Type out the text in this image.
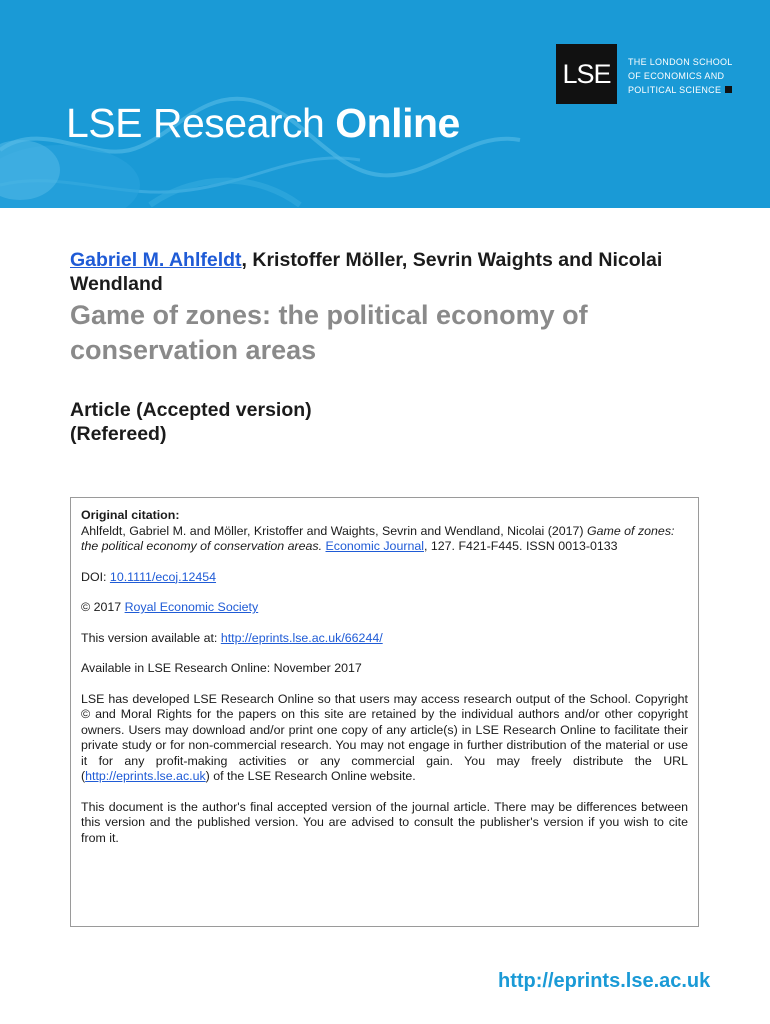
LSE Research Online
LSE	THE LONDON SCHOOL
OF ECONOMICS AND
POLITICAL SCIENCE
Gabriel M. Ahlfeldt, Kristoffer Möller, Sevrin Waights and Nicolai Wendland
Game of zones: the political economy of conservation areas
Article (Accepted version)
(Refereed)

Original citation:

Ahlfeldt, Gabriel M. and Möller, Kristoffer and Waights, Sevrin and Wendland, Nicolai (2017) Game of zones: the political economy of conservation areas. Economic Journal, 127. F421-F445. ISSN 0013-0133

DOI: 10.1111/ecoj.12454

© 2017 Royal Economic Society

This version available at: http://eprints.lse.ac.uk/66244/

Available in LSE Research Online: November 2017

LSE has developed LSE Research Online so that users may access research output of the School. Copyright © and Moral Rights for the papers on this site are retained by the individual authors and/or other copyright owners. Users may download and/or print one copy of any article(s) in LSE Research Online to facilitate their private study or for non-commercial research. You may not engage in further distribution of the material or use it for any profit-making activities or any commercial gain. You may freely distribute the URL (http://eprints.lse.ac.uk) of the LSE Research Online website.

This document is the author's final accepted version of the journal article. There may be differences between this version and the published version. You are advised to consult the publisher's version if you wish to cite from it.

http://eprints.lse.ac.uk
